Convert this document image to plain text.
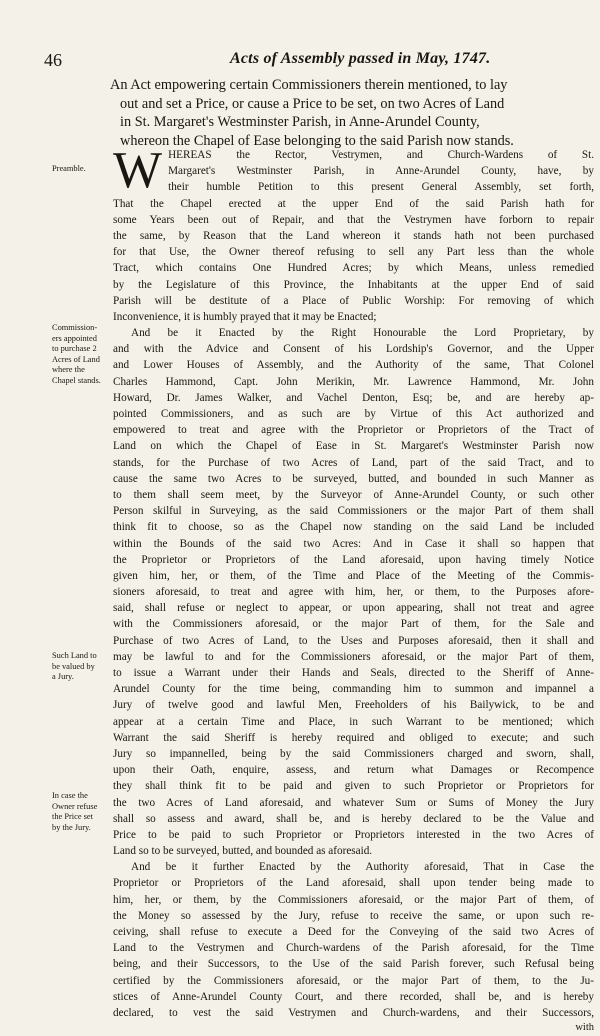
46	Acts of Assembly passed in May, 1747.
An Act empowering certain Commissioners therein mentioned, to lay
out and set a Price, or cause a Price to be set, on two Acres of Land
in St. Margaret's Westminster Parish, in Anne-Arundel County,
whereon the Chapel of Ease belonging to the said Parish now stands.
Preamble.
Commission-
ers appointed
to purchase 2
Acres of Land
where the
Chapel stands.
Such Land to
be valued by
a Jury.
In case the
Owner refuse
the Price set
by the Jury.
W HEREAS the Rector, Vestrymen, and Church-Wardens of St.
Margaret's Westminster Parish, in Anne-Arundel County, have, by
their humble Petition to this present General Assembly, set forth,
That the Chapel erected at the upper End of the said Parish hath for
some Years been out of Repair, and that the Vestrymen have forborn to repair
the same, by Reason that the Land whereon it stands hath not been purchased
for that Use, the Owner thereof refusing to sell any Part less than the whole
Tract, which contains One Hundred Acres; by which Means, unless remedied
by the Legislature of this Province, the Inhabitants at the upper End of said
Parish will be destitute of a Place of Public Worship: For removing of which
Inconvenience, it is humbly prayed that it may be Enacted;
And be it Enacted by the Right Honourable the Lord Proprietary, by
and with the Advice and Consent of his Lordship's Governor, and the Upper
and Lower Houses of Assembly, and the Authority of the same, That Colonel
Charles Hammond, Capt. John Merikin, Mr. Lawrence Hammond, Mr. John
Howard, Dr. James Walker, and Vachel Denton, Esq; be, and are hereby ap-
pointed Commissioners, and as such are by Virtue of this Act authorized and
empowered to treat and agree with the Proprietor or Proprietors of the Tract of
Land on which the Chapel of Ease in St. Margaret's Westminster Parish now
stands, for the Purchase of two Acres of Land, part of the said Tract, and to
cause the same two Acres to be surveyed, butted, and bounded in such Manner as
to them shall seem meet, by the Surveyor of Anne-Arundel County, or such other
Person skilful in Surveying, as the said Commissioners or the major Part of them shall
think fit to choose, so as the Chapel now standing on the said Land be included
within the Bounds of the said two Acres: And in Case it shall so happen that
the Proprietor or Proprietors of the Land aforesaid, upon having timely Notice
given him, her, or them, of the Time and Place of the Meeting of the Commis-
sioners aforesaid, to treat and agree with him, her, or them, to the Purposes afore-
said, shall refuse or neglect to appear, or upon appearing, shall not treat and agree
with the Commissioners aforesaid, or the major Part of them, for the Sale and
Purchase of two Acres of Land, to the Uses and Purposes aforesaid, then it shall and
may be lawful to and for the Commissioners aforesaid, or the major Part of them,
to issue a Warrant under their Hands and Seals, directed to the Sheriff of Anne-
Arundel County for the time being, commanding him to summon and impannel a
Jury of twelve good and lawful Men, Freeholders of his Bailywick, to be and
appear at a certain Time and Place, in such Warrant to be mentioned; which
Warrant the said Sheriff is hereby required and obliged to execute; and such
Jury so impannelled, being by the said Commissioners charged and sworn, shall,
upon their Oath, enquire, assess, and return what Damages or Recompence
they shall think fit to be paid and given to such Proprietor or Proprietors for
the two Acres of Land aforesaid, and whatever Sum or Sums of Money the Jury
shall so assess and award, shall be, and is hereby declared to be the Value and
Price to be paid to such Proprietor or Proprietors interested in the two Acres of
Land so to be surveyed, butted, and bounded as aforesaid.
And be it further Enacted by the Authority aforesaid, That in Case the
Proprietor or Proprietors of the Land aforesaid, shall upon tender being made to
him, her, or them, by the Commissioners aforesaid, or the major Part of them, of
the Money so assessed by the Jury, refuse to receive the same, or upon such re-
ceiving, shall refuse to execute a Deed for the Conveying of the said two Acres of
Land to the Vestrymen and Church-wardens of the Parish aforesaid, for the Time
being, and their Successors, to the Use of the said Parish forever, such Refusal being
certified by the Commissioners aforesaid, or the major Part of them, to the Ju-
stices of Anne-Arundel County Court, and there recorded, shall be, and is hereby
declared, to vest the said Vestrymen and Church-wardens, and their Successors,
with
